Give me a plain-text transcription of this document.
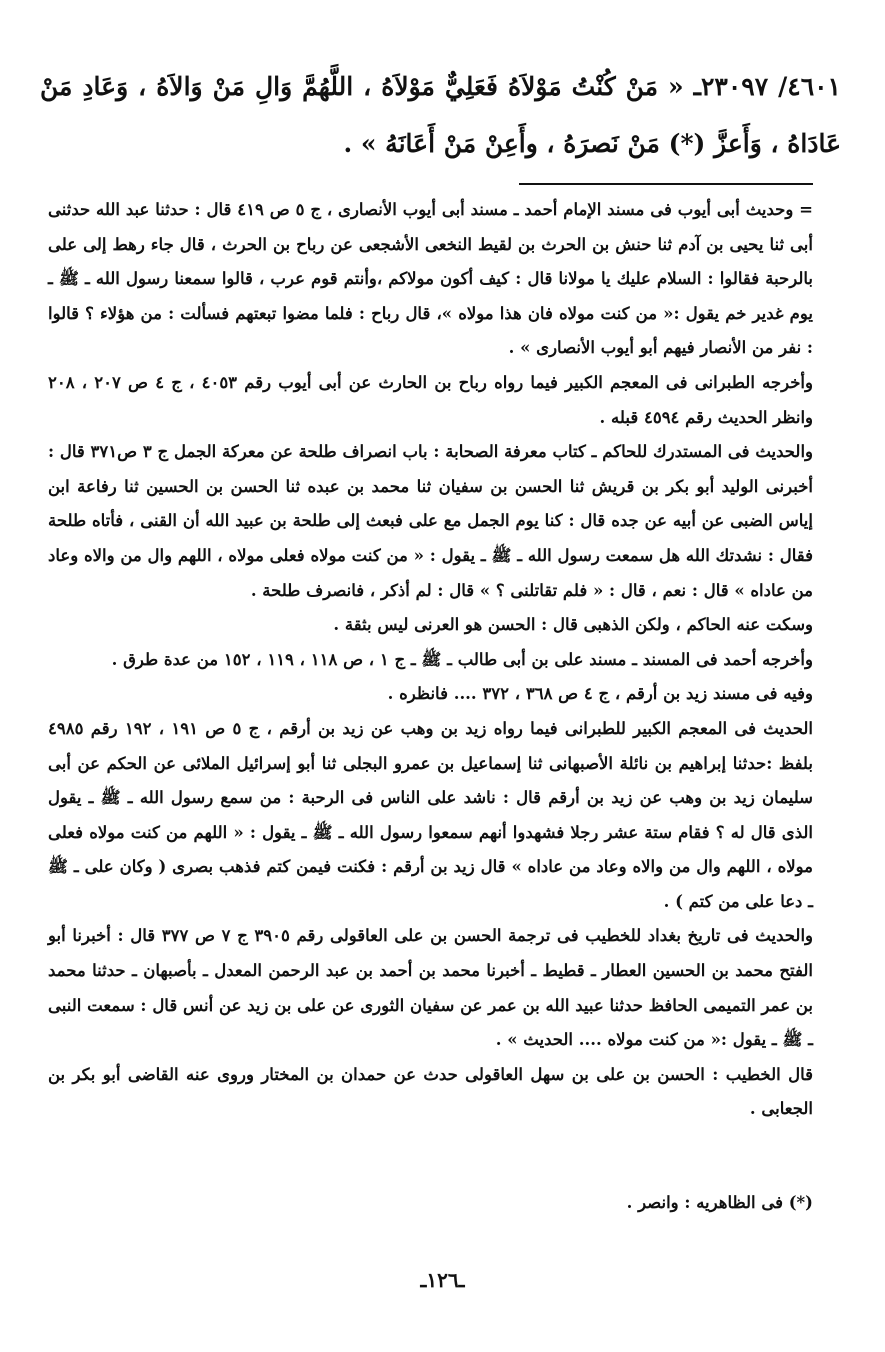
٤٦٠١/ ٢٣٠٩٧ـ « مَنْ كُنْتُ مَوْلاَهُ فَعَلِيٌّ مَوْلاَهُ ، اللَّهُمَّ وَالِ مَنْ وَالاَهُ ، وَعَادِ مَنْ عَادَاهُ ، وَأَعزَّ (*) مَنْ نَصرَهُ ، وأَعِنْ مَنْ أَعَانَهُ » .

= وحديث أبى أيوب فى مسند الإمام أحمد ـ مسند أبى أيوب الأنصارى ، ج ٥ ص ٤١٩ قال : حدثنا عبد الله حدثنى أبى ثنا يحيى بن آدم ثنا حنش بن الحرث بن لقيط النخعى الأشجعى عن رباح بن الحرث ، قال جاء رهط إلى على بالرحبة فقالوا : السلام عليك يا مولانا قال : كيف أكون مولاكم ،وأنتم قوم عرب ، قالوا سمعنا رسول الله ـ ﷺ ـ يوم غدير خم يقول :« من كنت مولاه فان هذا مولاه »، قال رباح : فلما مضوا تبعتهم فسألت : من هؤلاء ؟ قالوا : نفر من الأنصار فيهم أبو أيوب الأنصارى » .

وأخرجه الطبرانى فى المعجم الكبير فيما رواه رباح بن الحارث عن أبى أيوب رقم ٤٠٥٣ ، ج ٤ ص ٢٠٧ ، ٢٠٨ وانظر الحديث رقم ٤٥٩٤ قبله .

والحديث فى المستدرك للحاكم ـ كتاب معرفة الصحابة : باب انصراف طلحة عن معركة الجمل ج ٣ ص٣٧١ قال : أخبرنى الوليد أبو بكر بن قريش ثنا الحسن بن سفيان ثنا محمد بن عبده ثنا الحسن بن الحسين ثنا رفاعة ابن إياس الضبى عن أبيه عن جده قال : كنا يوم الجمل مع على فبعث إلى طلحة بن عبيد الله أن القنى ، فأتاه طلحة فقال : نشدتك الله هل سمعت رسول الله ـ ﷺ ـ يقول : « من كنت مولاه فعلى مولاه ، اللهم وال من والاه وعاد من عاداه » قال : نعم ، قال : « فلم تقاتلنى ؟ » قال : لم أذكر ، فانصرف طلحة .

وسكت عنه الحاكم ، ولكن الذهبى قال : الحسن هو العرنى ليس بثقة .

وأخرجه أحمد فى المسند ـ مسند على بن أبى طالب ـ ﷺ ـ ج ١ ، ص ١١٨ ، ١١٩ ، ١٥٢ من عدة طرق .

وفيه فى مسند زيد بن أرقم ، ج ٤ ص ٣٦٨ ، ٣٧٢ .... فانظره .

الحديث فى المعجم الكبير للطبرانى فيما رواه زيد بن وهب عن زيد بن أرقم ، ج ٥ ص ١٩١ ، ١٩٢ رقم ٤٩٨٥ بلفظ :حدثنا إبراهيم بن نائلة الأصبهانى ثنا إسماعيل بن عمرو البجلى ثنا أبو إسرائيل الملائى عن الحكم عن أبى سليمان زيد بن وهب عن زيد بن أرقم قال : ناشد على الناس فى الرحبة : من سمع رسول الله ـ ﷺ ـ يقول الذى قال له ؟ فقام ستة عشر رجلا فشهدوا أنهم سمعوا رسول الله ـ ﷺ ـ يقول : « اللهم من كنت مولاه فعلى مولاه ، اللهم وال من والاه وعاد من عاداه » قال زيد بن أرقم : فكنت فيمن كتم فذهب بصرى ( وكان على ـ ﷺ ـ دعا على من كتم ) .

والحديث فى تاريخ بغداد للخطيب فى ترجمة الحسن بن على العاقولى رقم ٣٩٠٥ ج ٧ ص ٣٧٧ قال : أخبرنا أبو الفتح محمد بن الحسين العطار ـ قطيط ـ أخبرنا محمد بن أحمد بن عبد الرحمن المعدل ـ بأصبهان ـ حدثنا محمد بن عمر التميمى الحافظ حدثنا عبيد الله بن عمر عن سفيان الثورى عن على بن زيد عن أنس قال : سمعت النبى ـ ﷺ ـ يقول :« من كنت مولاه .... الحديث » .

قال الخطيب : الحسن بن على بن سهل العاقولى حدث عن حمدان بن المختار وروى عنه القاضى أبو بكر بن الجعابى .

(*) فى الظاهريه : وانصر .

ـ١٢٦ـ
